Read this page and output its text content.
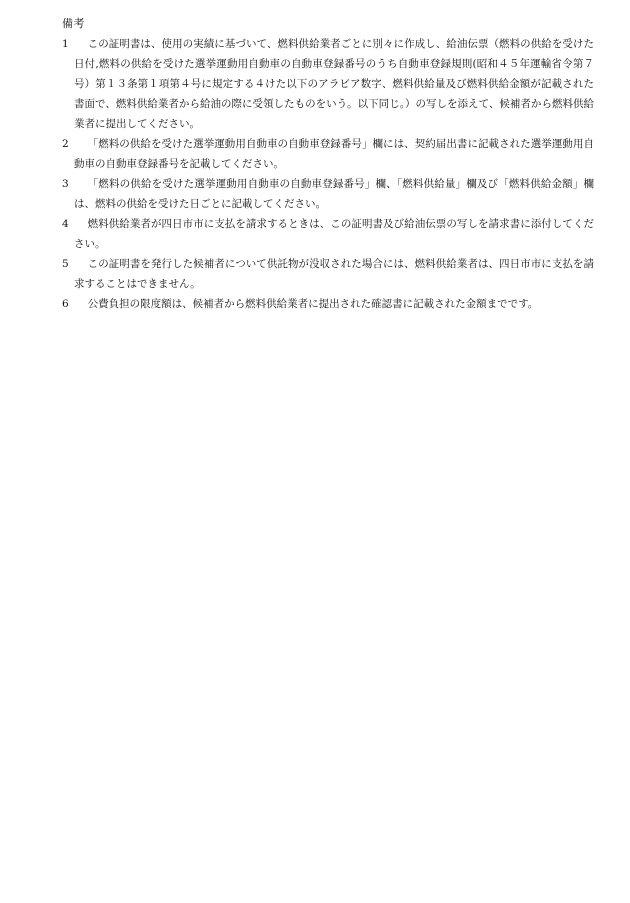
備考
1	この証明書は、使用の実績に基づいて、燃料供給業者ごとに別々に作成し、給油伝票（燃料の供給を受けた日付,燃料の供給を受けた選挙運動用自動車の自動車登録番号のうち自動車登録規則(昭和４５年運輸省令第７号）第１３条第１項第４号に規定する４けた以下のアラビア数字、燃料供給量及び燃料供給金額が記載された書面で、燃料供給業者から給油の際に受領したものをいう。以下同じ。）の写しを添えて、候補者から燃料供給業者に提出してください。
2	「燃料の供給を受けた選挙運動用自動車の自動車登録番号」欄には、契約届出書に記載された選挙運動用自動車の自動車登録番号を記載してください。
3	「燃料の供給を受けた選挙運動用自動車の自動車登録番号」欄、「燃料供給量」欄及び「燃料供給金額」欄は、燃料の供給を受けた日ごとに記載してください。
4	燃料供給業者が四日市市に支払を請求するときは、この証明書及び給油伝票の写しを請求書に添付してください。
5	この証明書を発行した候補者について供託物が没収された場合には、燃料供給業者は、四日市市に支払を請求することはできません。
6	公費負担の限度額は、候補者から燃料供給業者に提出された確認書に記載された金額までです。
